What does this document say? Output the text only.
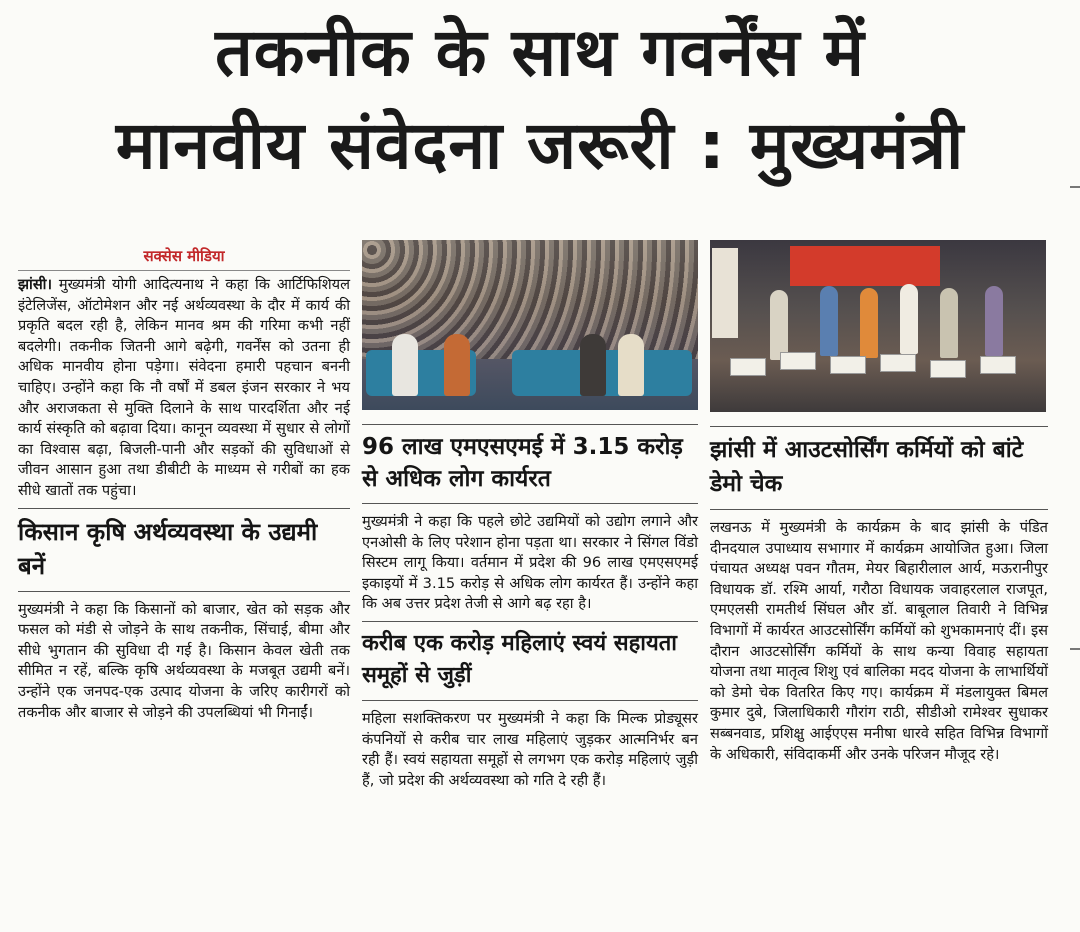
तकनीक के साथ गवर्नेंस में
मानवीय संवेदना जरूरी : मुख्यमंत्री
सक्सेस मीडिया

झांसी। मुख्यमंत्री योगी आदित्यनाथ ने कहा कि आर्टिफिशियल इंटेलिजेंस, ऑटोमेशन और नई अर्थव्यवस्था के दौर में कार्य की प्रकृति बदल रही है, लेकिन मानव श्रम की गरिमा कभी नहीं बदलेगी। तकनीक जितनी आगे बढ़ेगी, गवर्नेंस को उतना ही अधिक मानवीय होना पड़ेगा। संवेदना हमारी पहचान बननी चाहिए। उन्होंने कहा कि नौ वर्षों में डबल इंजन सरकार ने भय और अराजकता से मुक्ति दिलाने के साथ पारदर्शिता और नई कार्य संस्कृति को बढ़ावा दिया। कानून व्यवस्था में सुधार से लोगों का विश्वास बढ़ा, बिजली-पानी और सड़कों की सुविधाओं से जीवन आसान हुआ तथा डीबीटी के माध्यम से गरीबों का हक सीधे खातों तक पहुंचा।

किसान कृषि अर्थव्यवस्था के उद्यमी बनें

मुख्यमंत्री ने कहा कि किसानों को बाजार, खेत को सड़क और फसल को मंडी से जोड़ने के साथ तकनीक, सिंचाई, बीमा और सीधे भुगतान की सुविधा दी गई है। किसान केवल खेती तक सीमित न रहें, बल्कि कृषि अर्थव्यवस्था के मजबूत उद्यमी बनें। उन्होंने एक जनपद-एक उत्पाद योजना के जरिए कारीगरों को तकनीक और बाजार से जोड़ने की उपलब्धियां भी गिनाईं।

96 लाख एमएसएमई में 3.15 करोड़ से अधिक लोग कार्यरत

मुख्यमंत्री ने कहा कि पहले छोटे उद्यमियों को उद्योग लगाने और एनओसी के लिए परेशान होना पड़ता था। सरकार ने सिंगल विंडो सिस्टम लागू किया। वर्तमान में प्रदेश की 96 लाख एमएसएमई इकाइयों में 3.15 करोड़ से अधिक लोग कार्यरत हैं। उन्होंने कहा कि अब उत्तर प्रदेश तेजी से आगे बढ़ रहा है।

करीब एक करोड़ महिलाएं स्वयं सहायता समूहों से जुड़ीं

महिला सशक्तिकरण पर मुख्यमंत्री ने कहा कि मिल्क प्रोड्यूसर कंपनियों से करीब चार लाख महिलाएं जुड़कर आत्मनिर्भर बन रही हैं। स्वयं सहायता समूहों से लगभग एक करोड़ महिलाएं जुड़ी हैं, जो प्रदेश की अर्थव्यवस्था को गति दे रही हैं।

झांसी में आउटसोर्सिंग कर्मियों को बांटे डेमो चेक

लखनऊ में मुख्यमंत्री के कार्यक्रम के बाद झांसी के पंडित दीनदयाल उपाध्याय सभागार में कार्यक्रम आयोजित हुआ। जिला पंचायत अध्यक्ष पवन गौतम, मेयर बिहारीलाल आर्य, मऊरानीपुर विधायक डॉ. रश्मि आर्या, गरौठा विधायक जवाहरलाल राजपूत, एमएलसी रामतीर्थ सिंघल और डॉ. बाबूलाल तिवारी ने विभिन्न विभागों में कार्यरत आउटसोर्सिंग कर्मियों को शुभकामनाएं दीं। इस दौरान आउटसोर्सिंग कर्मियों के साथ कन्या विवाह सहायता योजना तथा मातृत्व शिशु एवं बालिका मदद योजना के लाभार्थियों को डेमो चेक वितरित किए गए। कार्यक्रम में मंडलायुक्त बिमल कुमार दुबे, जिलाधिकारी गौरांग राठी, सीडीओ रामेश्वर सुधाकर सब्बनवाड, प्रशिक्षु आईएएस मनीषा धारवे सहित विभिन्न विभागों के अधिकारी, संविदाकर्मी और उनके परिजन मौजूद रहे।
